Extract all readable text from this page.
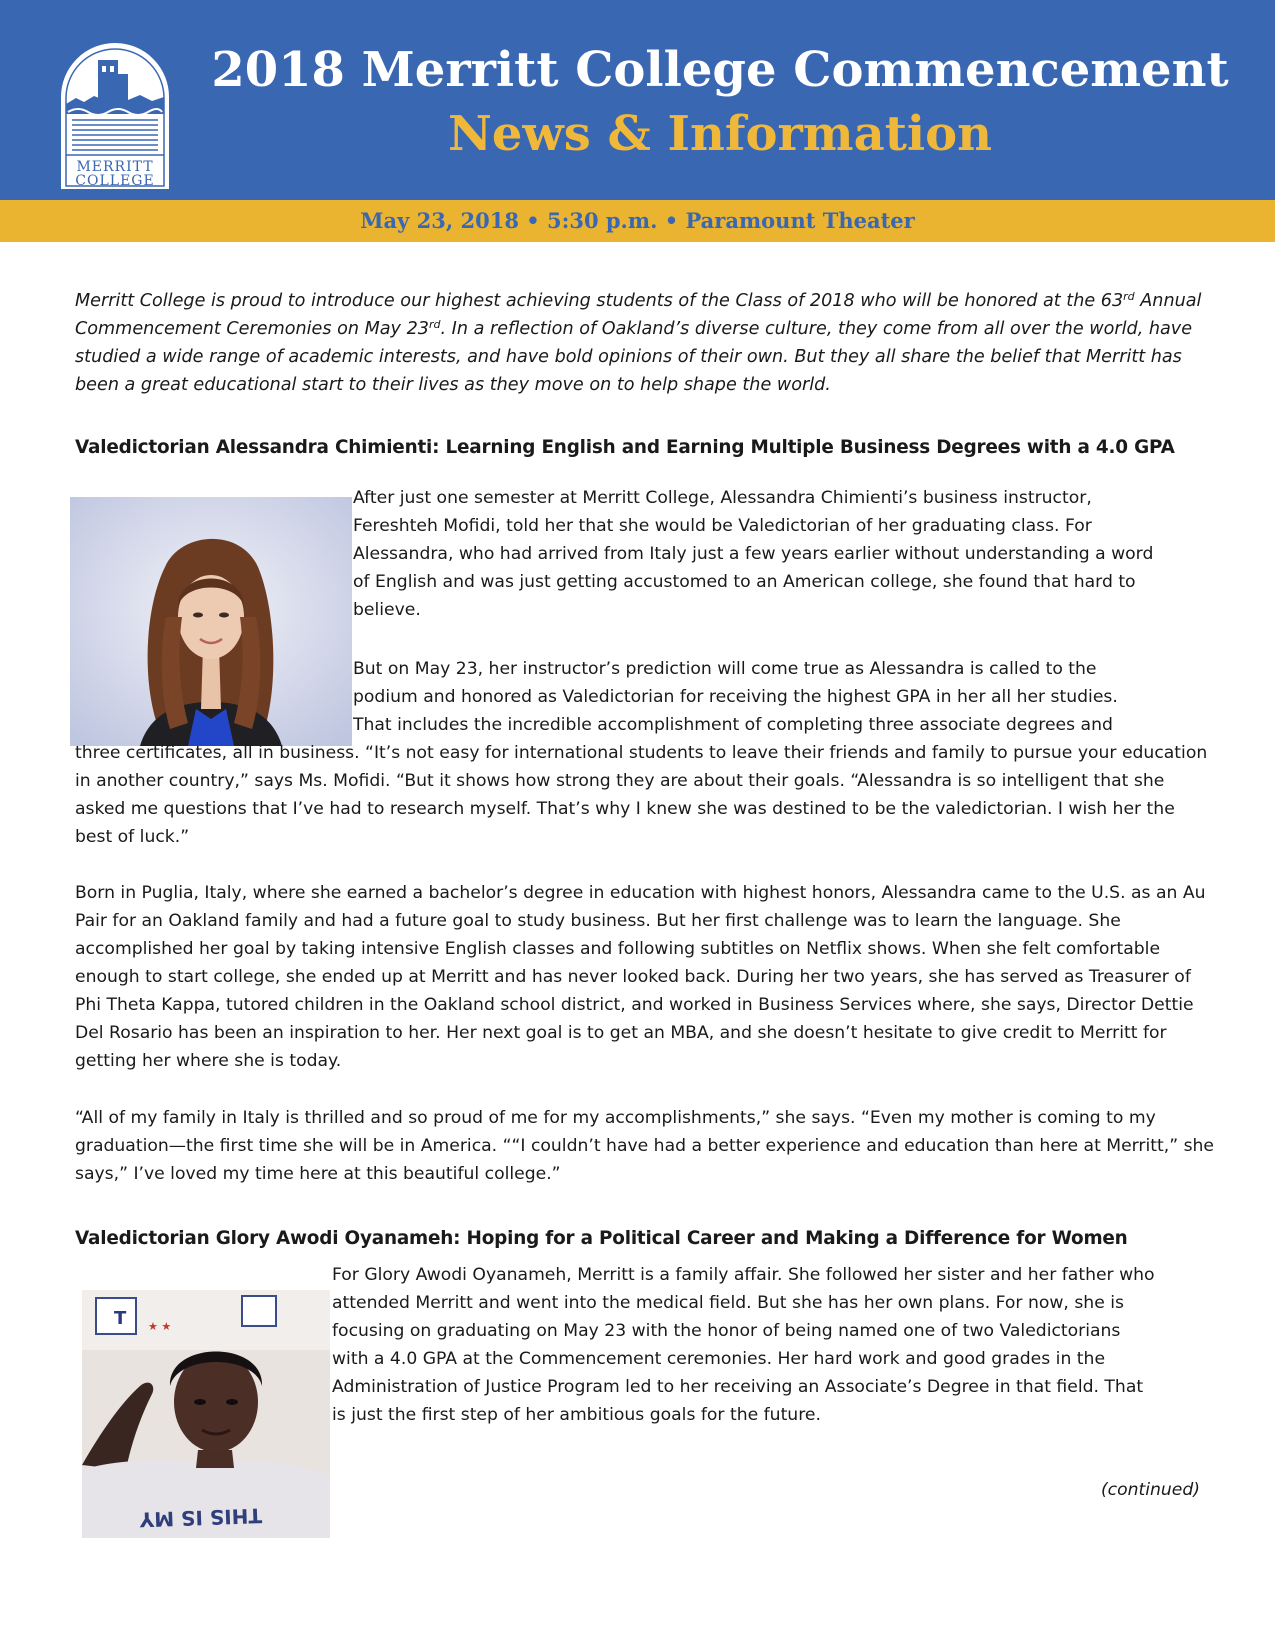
MERRITT
COLLEGE
2018 Merritt College Commencement
News & Information
May 23, 2018 • 5:30 p.m. • Paramount Theater

Merritt College is proud to introduce our highest achieving students of the Class of 2018 who will be honored at the 63rd Annual Commencement Ceremonies on May 23rd. In a reflection of Oakland’s diverse culture, they come from all over the world, have studied a wide range of academic interests, and have bold opinions of their own. But they all share the belief that Merritt has been a great educational start to their lives as they move on to help shape the world.

Valedictorian Alessandra Chimienti: Learning English and Earning Multiple Business Degrees with a 4.0 GPA

After just one semester at Merritt College, Alessandra Chimienti’s business instructor, Fereshteh Mofidi, told her that she would be Valedictorian of her graduating class. For Alessandra, who had arrived from Italy just a few years earlier without understanding a word of English and was just getting accustomed to an American college, she found that hard to believe.

But on May 23, her instructor’s prediction will come true as Alessandra is called to the podium and honored as Valedictorian for receiving the highest GPA in her all her studies. That includes the incredible accomplishment of completing three associate degrees and

three certificates, all in business. “It’s not easy for international students to leave their friends and family to pursue your education in another country,” says Ms. Mofidi. “But it shows how strong they are about their goals. “Alessandra is so intelligent that she asked me questions that I’ve had to research myself. That’s why I knew she was destined to be the valedictorian. I wish her the best of luck.”

Born in Puglia, Italy, where she earned a bachelor’s degree in education with highest honors, Alessandra came to the U.S. as an Au Pair for an Oakland family and had a future goal to study business. But her first challenge was to learn the language. She accomplished her goal by taking intensive English classes and following subtitles on Netflix shows. When she felt comfortable enough to start college, she ended up at Merritt and has never looked back. During her two years, she has served as Treasurer of Phi Theta Kappa, tutored children in the Oakland school district, and worked in Business Services where, she says, Director Dettie Del Rosario has been an inspiration to her. Her next goal is to get an MBA, and she doesn’t hesitate to give credit to Merritt for getting her where she is today.

“All of my family in Italy is thrilled and so proud of me for my accomplishments,” she says. “Even my mother is coming to my graduation—the first time she will be in America. ““I couldn’t have had a better experience and education than here at Merritt,” she says,” I’ve loved my time here at this beautiful college.”

Valedictorian Glory Awodi Oyanameh: Hoping for a Political Career and Making a Difference for Women
T ★ ★
THIS IS MY

For Glory Awodi Oyanameh, Merritt is a family affair. She followed her sister and her father who attended Merritt and went into the medical field. But she has her own plans. For now, she is focusing on graduating on May 23 with the honor of being named one of two Valedictorians with a 4.0 GPA at the Commencement ceremonies. Her hard work and good grades in the Administration of Justice Program led to her receiving an Associate’s Degree in that field. That is just the first step of her ambitious goals for the future.

(continued)
